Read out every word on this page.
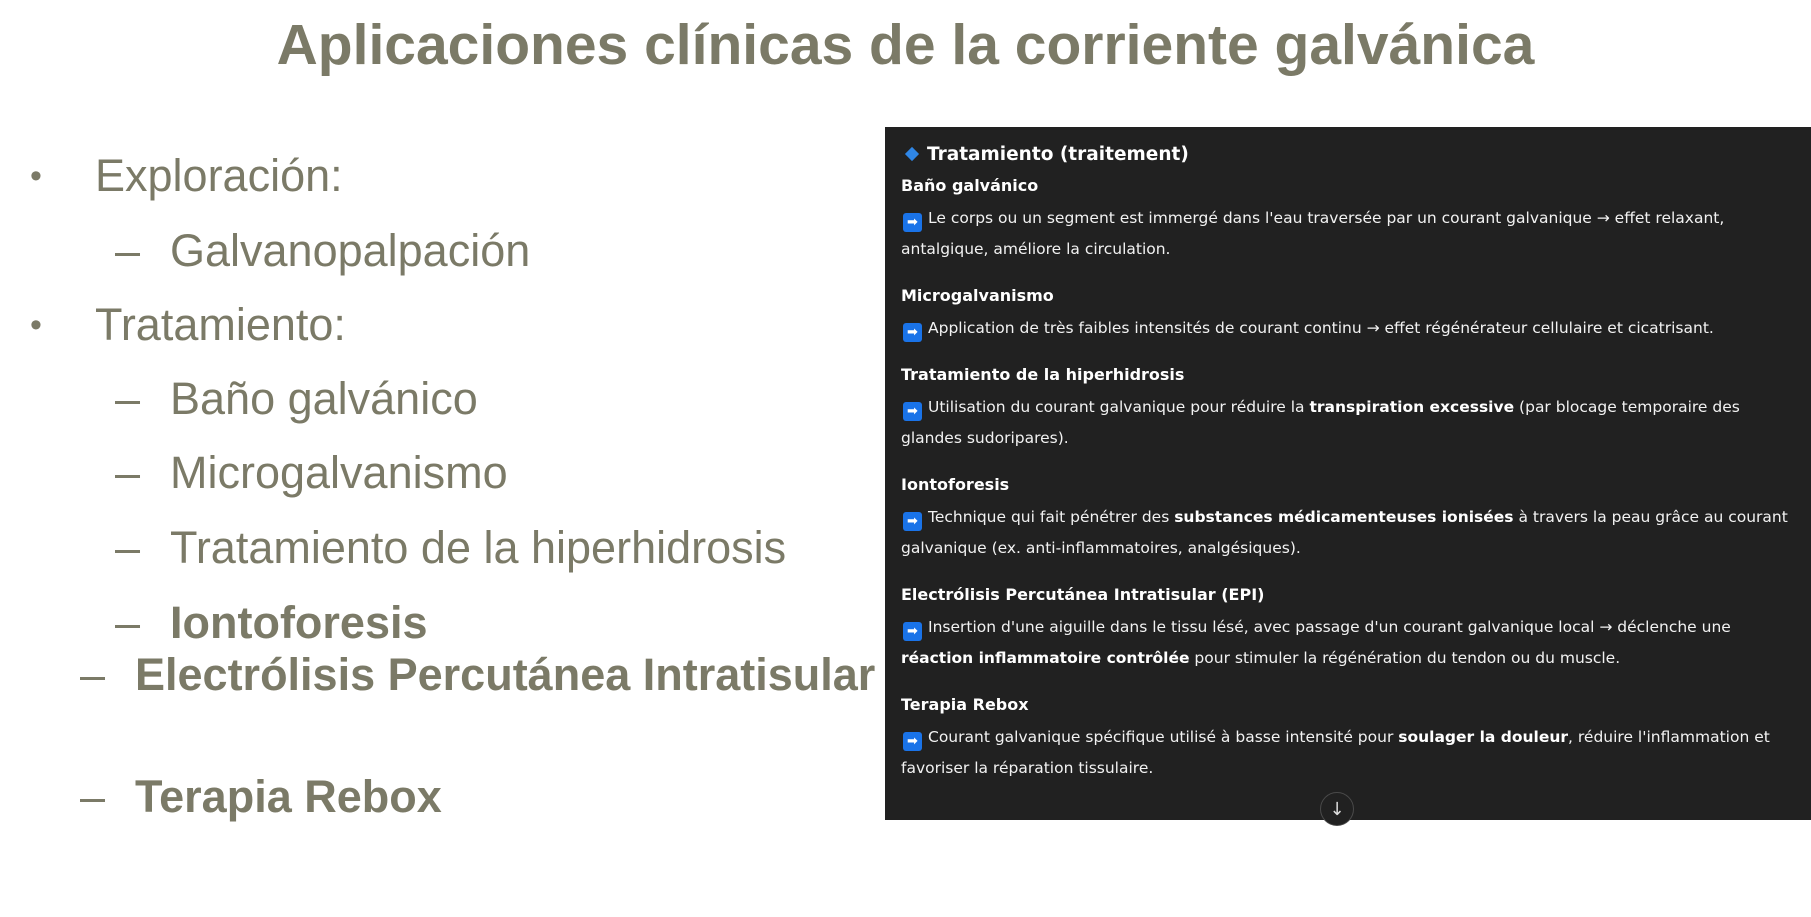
Aplicaciones clínicas de la corriente galvánica
• Exploración:
– Galvanopalpación
• Tratamiento:
– Baño galvánico
– Microgalvanismo
– Tratamiento de la hiperhidrosis
– Iontoforesis
– Electrólisis Percutánea Intratisular
– Terapia Rebox
Tratamiento (traitement)
Baño galvánico
➡ Le corps ou un segment est immergé dans l'eau traversée par un courant galvanique → effet relaxant, antalgique, améliore la circulation.
Microgalvanismo
➡ Application de très faibles intensités de courant continu → effet régénérateur cellulaire et cicatrisant.
Tratamiento de la hiperhidrosis
➡ Utilisation du courant galvanique pour réduire la transpiration excessive (par blocage temporaire des glandes sudoripares).
Iontoforesis
➡ Technique qui fait pénétrer des substances médicamenteuses ionisées à travers la peau grâce au courant galvanique (ex. anti-inflammatoires, analgésiques).
Electrólisis Percutánea Intratisular (EPI)
➡ Insertion d'une aiguille dans le tissu lésé, avec passage d'un courant galvanique local → déclenche une réaction inflammatoire contrôlée pour stimuler la régénération du tendon ou du muscle.
Terapia Rebox
➡ Courant galvanique spécifique utilisé à basse intensité pour soulager la douleur, réduire l'inflammation et favoriser la réparation tissulaire.
↓
